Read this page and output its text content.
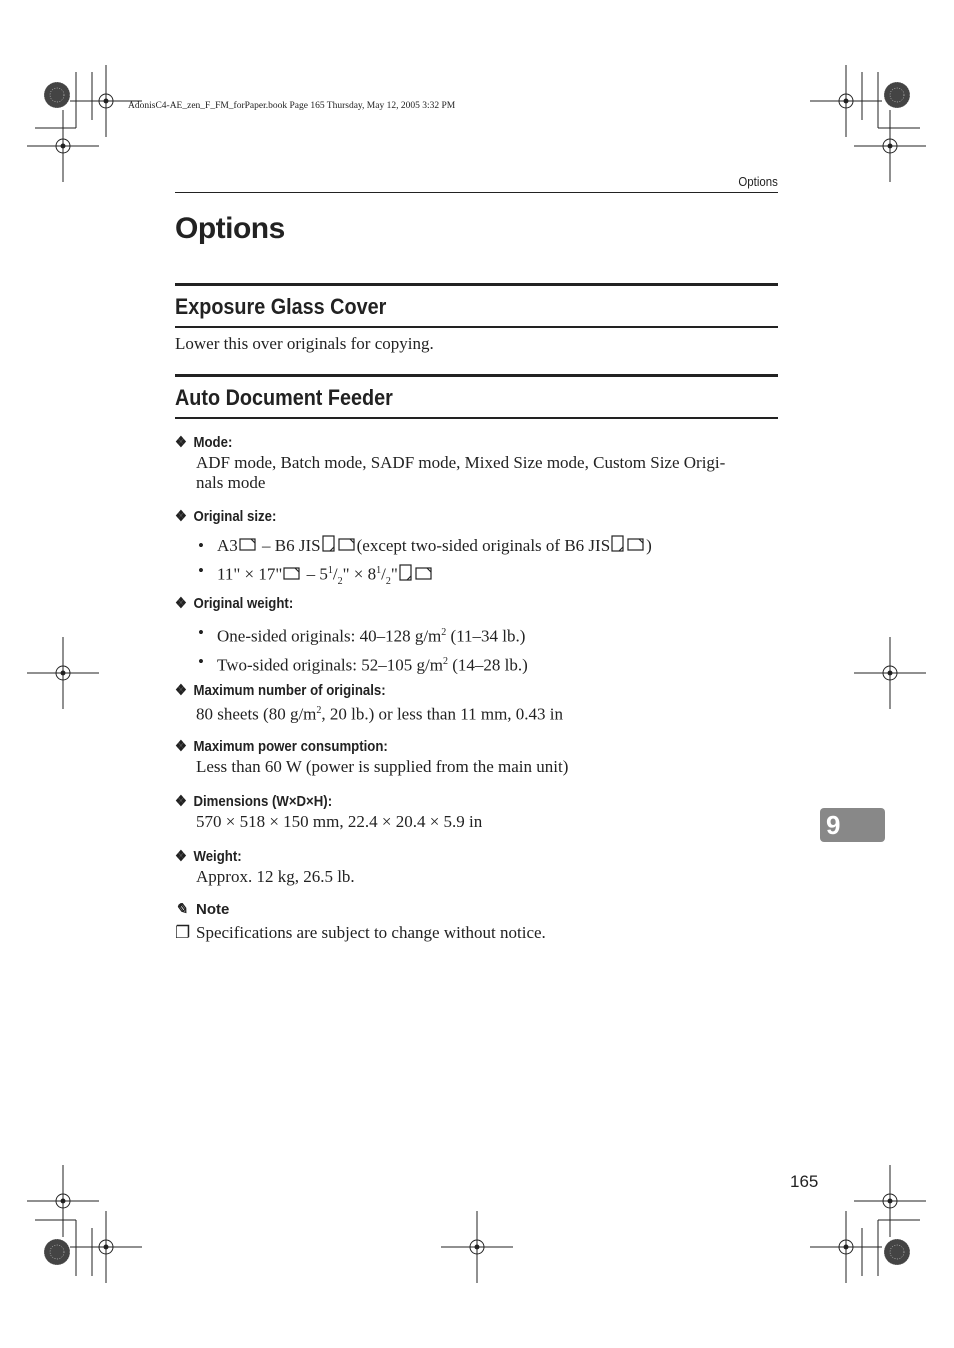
AdonisC4-AE_zen_F_FM_forPaper.book Page 165 Thursday, May 12, 2005 3:32 PM
Options
Options
Exposure Glass Cover
Lower this over originals for copying.
Auto Document Feeder
❖ Mode:
ADF mode, Batch mode, SADF mode, Mixed Size mode, Custom Size Origi-
nals mode
❖ Original size:
• A3 – B6 JIS (except two-sided originals of B6 JIS )
• 11" × 17" – $5^1/_2$" × $8^1/_2$"
❖ Original weight:
• One-sided originals: 40–128 $g/m^2$ (11–34 lb.)
• Two-sided originals: 52–105 $g/m^2$ (14–28 lb.)
❖ Maximum number of originals:
80 sheets (80 $g/m^2$, 20 lb.) or less than 11 mm, 0.43 in
❖ Maximum power consumption:
Less than 60 W (power is supplied from the main unit)
❖ Dimensions (W×D×H):
570 × 518 × 150 mm, 22.4 × 20.4 × 5.9 in
❖ Weight:
Approx. 12 kg, 26.5 lb.
✎ Note
❐ Specifications are subject to change without notice.
9
165
